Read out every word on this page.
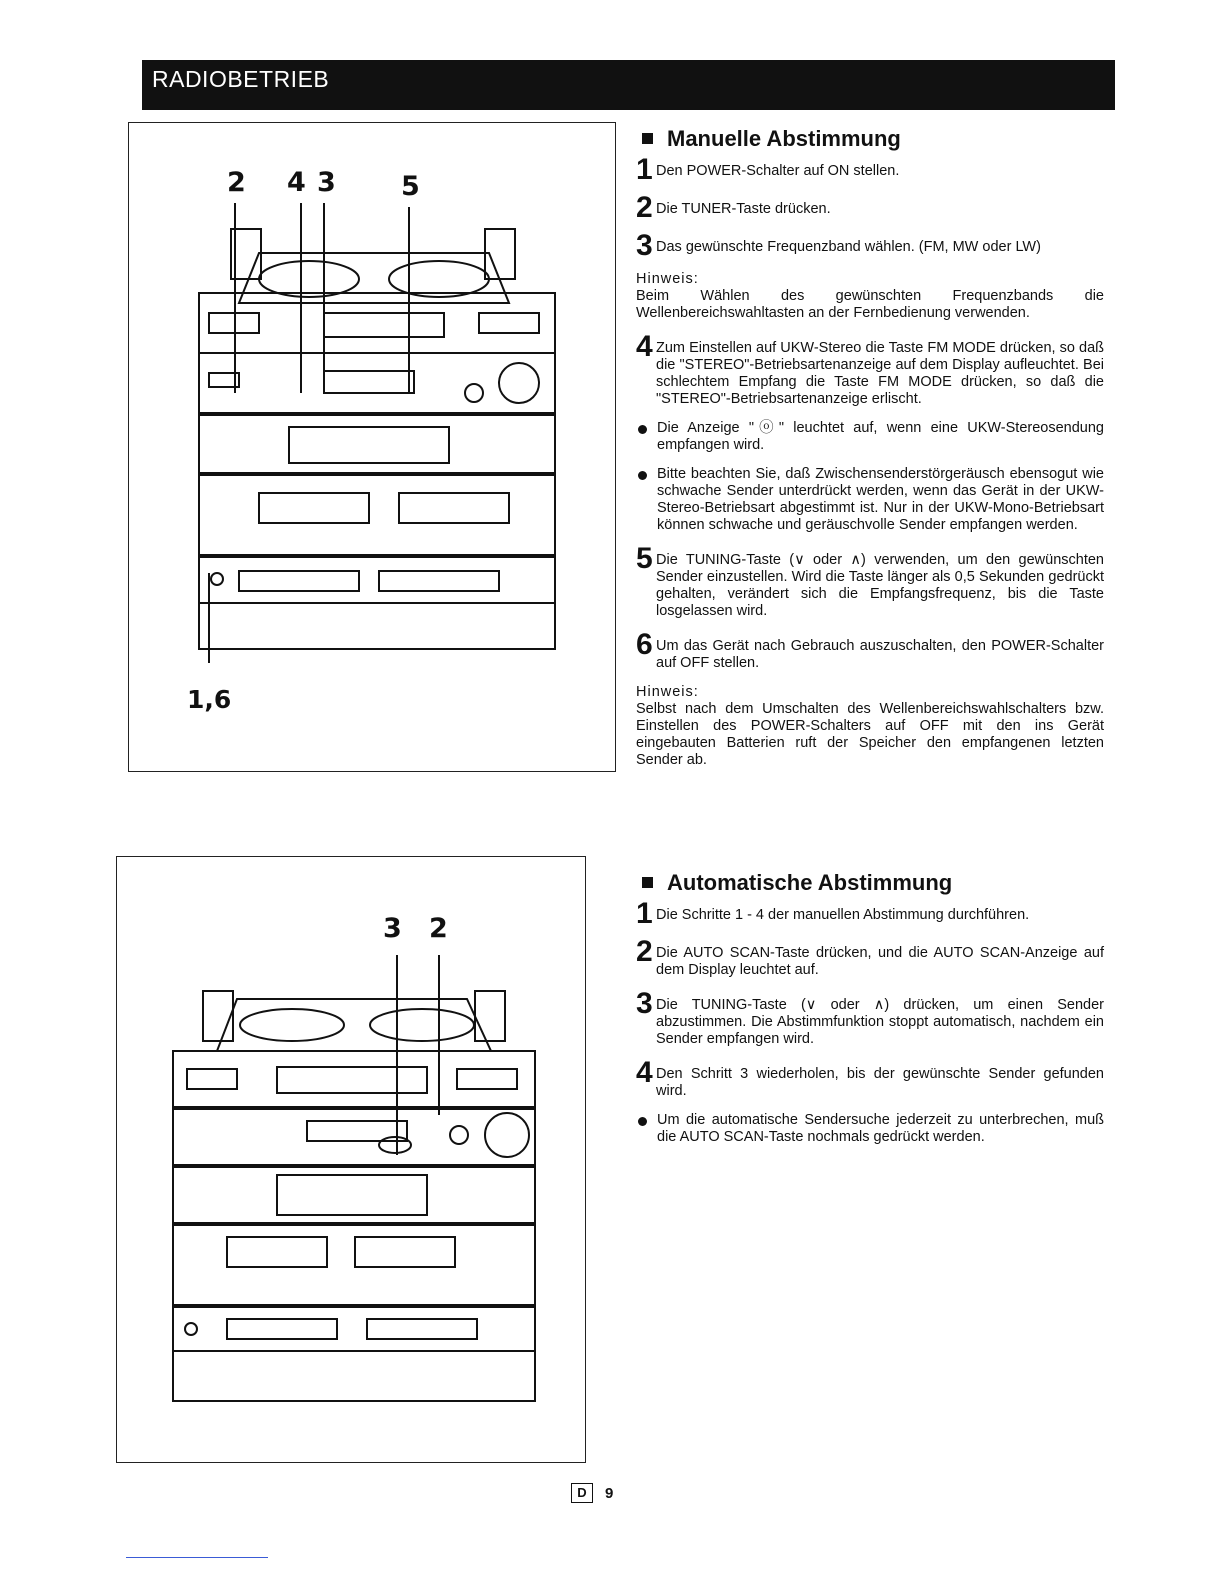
RADIOBETRIEB
2 4 3 5
1,6
3 2
Manuelle Abstimmung
1 Den POWER-Schalter auf ON stellen.
2 Die TUNER-Taste drücken.
3 Das gewünschte Frequenzband wählen. (FM, MW oder LW)
Hinweis:
Beim Wählen des gewünschten Frequenzbands die Wellenbereichswahltasten an der Fernbedienung verwenden.
4 Zum Einstellen auf UKW-Stereo die Taste FM MODE drücken, so daß die "STEREO"-Betriebsartenanzeige auf dem Display aufleuchtet. Bei schlechtem Empfang die Taste FM MODE drücken, so daß die "STEREO"-Betriebsartenanzeige erlischt.
Die Anzeige "ⓞ" leuchtet auf, wenn eine UKW-Stereosendung empfangen wird.
Bitte beachten Sie, daß Zwischensenderstörgeräusch ebensogut wie schwache Sender unterdrückt werden, wenn das Gerät in der UKW-Stereo-Betriebsart abgestimmt ist. Nur in der UKW-Mono-Betriebsart können schwache und geräuschvolle Sender empfangen werden.
5 Die TUNING-Taste (∨ oder ∧) verwenden, um den gewünschten Sender einzustellen. Wird die Taste länger als 0,5 Sekunden gedrückt gehalten, verändert sich die Empfangsfrequenz, bis die Taste losgelassen wird.
6 Um das Gerät nach Gebrauch auszuschalten, den POWER-Schalter auf OFF stellen.
Hinweis:
Selbst nach dem Umschalten des Wellenbereichswahlschalters bzw. Einstellen des POWER-Schalters auf OFF mit den ins Gerät eingebauten Batterien ruft der Speicher den empfangenen letzten Sender ab.
Automatische Abstimmung
1 Die Schritte 1 - 4 der manuellen Abstimmung durchführen.
2 Die AUTO SCAN-Taste drücken, und die AUTO SCAN-Anzeige auf dem Display leuchtet auf.
3 Die TUNING-Taste (∨ oder ∧) drücken, um einen Sender abzustimmen. Die Abstimmfunktion stoppt automatisch, nachdem ein Sender empfangen wird.
4 Den Schritt 3 wiederholen, bis der gewünschte Sender gefunden wird.
Um die automatische Sendersuche jederzeit zu unterbrechen, muß die AUTO SCAN-Taste nochmals gedrückt werden.
D	9
